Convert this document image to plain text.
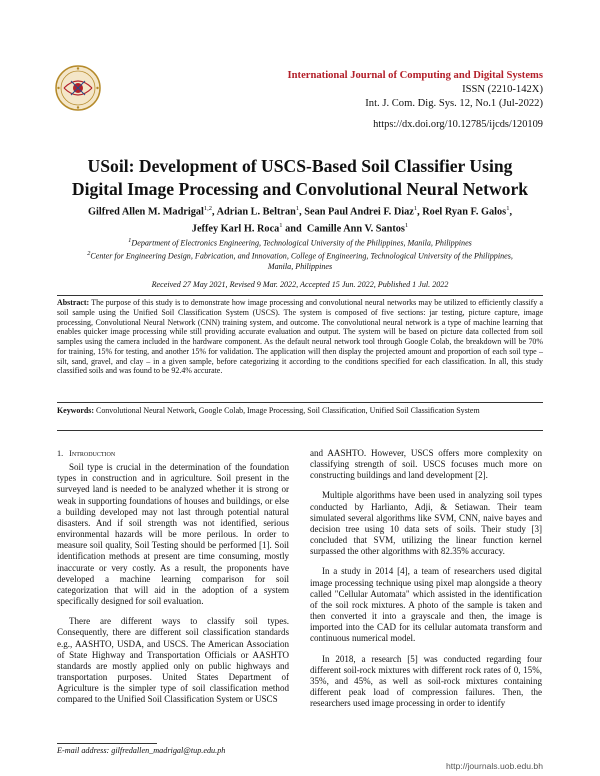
International Journal of Computing and Digital Systems
ISSN (2210-142X)
Int. J. Com. Dig. Sys. 12, No.1 (Jul-2022)
https://dx.doi.org/10.12785/ijcds/120109
USoil: Development of USCS-Based Soil Classifier Using
Digital Image Processing and Convolutional Neural Network
Gilfred Allen M. Madrigal$^{1,2}$, Adrian L. Beltran$^1$, Sean Paul Andrei F. Diaz$^1$, Roel Ryan F. Galos$^1$,
Jeffey Karl H. Roca$^1$ and  Camille Ann V. Santos$^1$
$^1$Department of Electronics Engineering, Technological University of the Philippines, Manila, Philippines
$^2$Center for Engineering Design, Fabrication, and Innovation, College of Engineering, Technological University of the Philippines,
Manila, Philippines
Received 27 May 2021, Revised 9 Mar. 2022, Accepted 15 Jun. 2022, Published 1 Jul. 2022
Abstract: The purpose of this study is to demonstrate how image processing and convolutional neural networks may be utilized to efficiently classify a soil sample using the Unified Soil Classification System (USCS). The system is composed of five sections: jar testing, picture capture, image processing, Convolutional Neural Network (CNN) training system, and outcome. The convolutional neural network is a type of machine learning that enables quicker image processing while still providing accurate evaluation and output. The system will be based on picture data collected from soil samples using the camera included in the hardware component. As the default neural network tool through Google Colab, the breakdown will be 70% for training, 15% for testing, and another 15% for validation. The application will then display the projected amount and proportion of each soil type – silt, sand, gravel, and clay – in a given sample, before categorizing it according to the conditions specified for each classification. In all, this study classified soils and was found to be 92.4% accurate.
Keywords: Convolutional Neural Network, Google Colab, Image Processing, Soil Classification, Unified Soil Classification System
1. Introduction

Soil type is crucial in the determination of the foundation types in construction and in agriculture. Soil present in the surveyed land is needed to be analyzed whether it is strong or weak in supporting foundations of houses and buildings, or else a building developed may not last through potential natural disasters. And if soil strength was not identified, serious environmental hazards will be more perilous. In order to measure soil quality, Soil Testing should be performed [1]. Soil identification methods at present are time consuming, mostly inaccurate or very costly. As a result, the proponents have developed a machine learning comparison for soil categorization that will aid in the adoption of a system specifically designed for soil evaluation.

There are different ways to classify soil types. Consequently, there are different soil classification standards e.g., AASHTO, USDA, and USCS. The American Association of State Highway and Transportation Officials or AASHTO standards are mostly applied only on public highways and transportation purposes. United States Department of Agriculture is the simpler type of soil classification method compared to the Unified Soil Classification System or USCS

and AASHTO. However, USCS offers more complexity on classifying strength of soil. USCS focuses much more on constructing buildings and land development [2].

Multiple algorithms have been used in analyzing soil types conducted by Harlianto, Adji, & Setiawan. Their team simulated several algorithms like SVM, CNN, naive bayes and decision tree using 10 data sets of soils. Their study [3] concluded that SVM, utilizing the linear function kernel surpassed the other algorithms with 82.35% accuracy.

In a study in 2014 [4], a team of researchers used digital image processing technique using pixel map alongside a theory called "Cellular Automata" which assisted in the identification of the soil rock mixtures. A photo of the sample is taken and then converted it into a grayscale and then, the image is imported into the CAD for its cellular automata transform and continuous numerical model.

In 2018, a research [5] was conducted regarding four different soil-rock mixtures with different rock rates of 0, 15%, 35%, and 45%, as well as soil-rock mixtures containing different peak load of compression failures. Then, the researchers used image processing in order to identify

E-mail address: gilfredallen_madrigal@tup.edu.ph
http://journals.uob.edu.bh
